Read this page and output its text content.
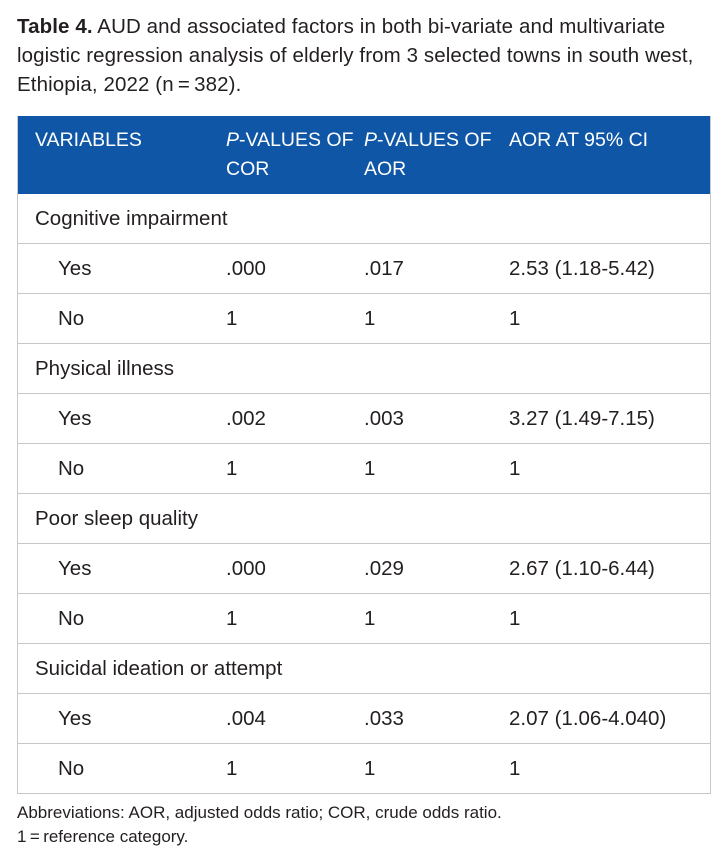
Table 4. AUD and associated factors in both bi-variate and multivariate logistic regression analysis of elderly from 3 selected towns in south west, Ethiopia, 2022 (n = 382).
VARIABLES	P-VALUES OF COR	P-VALUES OF AOR	AOR AT 95% CI
Cognitive impairment			
Yes	.000	.017	2.53 (1.18-5.42)
No	1	1	1
Physical illness			
Yes	.002	.003	3.27 (1.49-7.15)
No	1	1	1
Poor sleep quality			
Yes	.000	.029	2.67 (1.10-6.44)
No	1	1	1
Suicidal ideation or attempt			
Yes	.004	.033	2.07 (1.06-4.040)
No	1	1	1
Abbreviations: AOR, adjusted odds ratio; COR, crude odds ratio.
1 = reference category.
